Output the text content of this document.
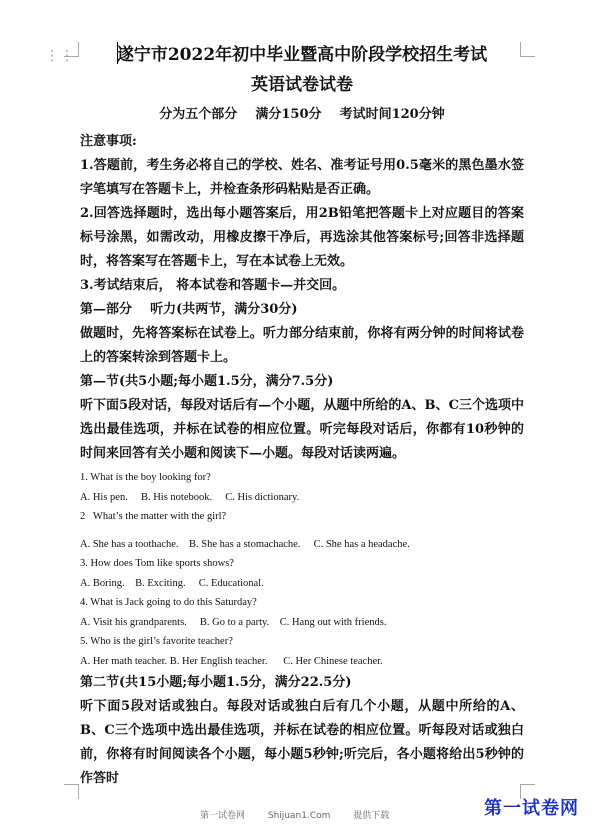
⋮⋮	遂宁市2022年初中毕业暨高中阶段学校招生考试

英语试卷试卷

分为五个部分    满分150分    考试时间120分钟

注意事项:

1.答题前，考生务必将自己的学校、姓名、准考证号用0.5毫米的黑色墨水签字笔填写在答题卡上，并检查条形码粘贴是否正确。

2.回答选择题时，选出每小题答案后，用2B铅笔把答题卡上对应题目的答案标号涂黑，如需改动，用橡皮擦干净后，再选涂其他答案标号;回答非选择题时，将答案写在答题卡上，写在本试卷上无效。

3.考试结束后， 将本试卷和答题卡—并交回。

第—部分    听力(共两节，满分30分)

做题时，先将答案标在试卷上。听力部分结束前，你将有两分钟的时间将试卷上的答案转涂到答题卡上。

第—节(共5小题;每小题1.5分，满分7.5分)

听下面5段对话，每段对话后有—个小题，从题中所给的A、B、C三个选项中选出最佳选项，并标在试卷的相应位置。听完每段对话后，你都有10秒钟的时间来回答有关小题和阅读下—小题。每段对话读两遍。

1. What is the boy looking for?

A. His pen.     B. His notebook.     C. His dictionary.

2   What’s the matter with the girl?

A. She has a toothache.    B. She has a stomachache.     C. She has a headache.

3. How does Tom like sports shows?

A. Boring.    B. Exciting.     C. Educational.

4. What is Jack going to do this Saturday?

A. Visit his grandparents.     B. Go to a party.    C. Hang out with friends.

5. Who is the girl’s favorite teacher?

A. Her math teacher. B. Her English teacher.      C. Her Chinese teacher.

第二节(共15小题;每小题1.5分，满分22.5分)

听下面5段对话或独白。每段对话或独白后有几个小题，从题中所给的A、B、C三个选项中选出最佳选项，并标在试卷的相应位置。听每段对话或独白前，你将有时间阅读各个小题，每小题5秒钟;听完后，各小题将给出5秒钟的作答时

第一试卷网        Shijuan1.Com        提供下载	第一试卷网
